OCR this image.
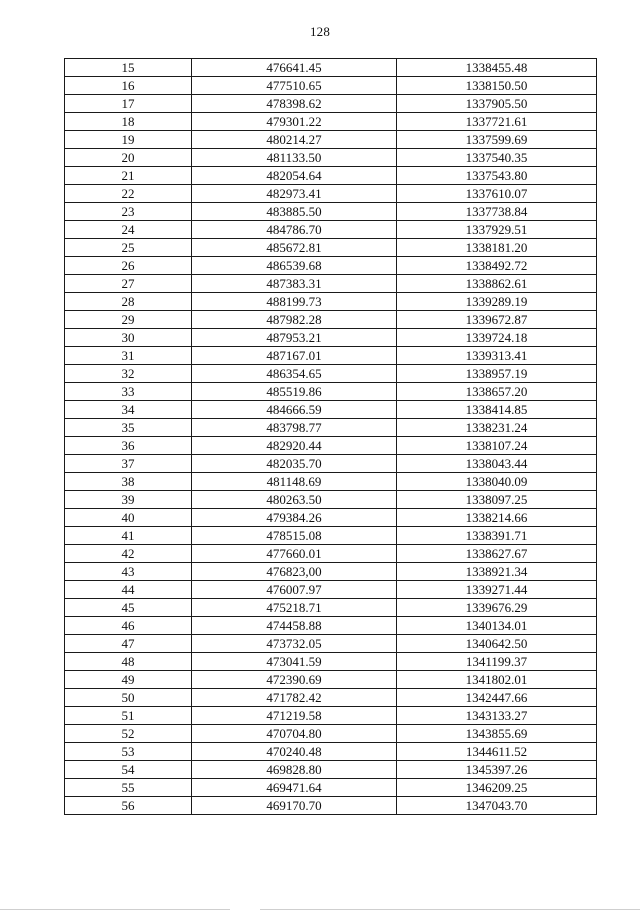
128
15	476641.45	1338455.48
16	477510.65	1338150.50
17	478398.62	1337905.50
18	479301.22	1337721.61
19	480214.27	1337599.69
20	481133.50	1337540.35
21	482054.64	1337543.80
22	482973.41	1337610.07
23	483885.50	1337738.84
24	484786.70	1337929.51
25	485672.81	1338181.20
26	486539.68	1338492.72
27	487383.31	1338862.61
28	488199.73	1339289.19
29	487982.28	1339672.87
30	487953.21	1339724.18
31	487167.01	1339313.41
32	486354.65	1338957.19
33	485519.86	1338657.20
34	484666.59	1338414.85
35	483798.77	1338231.24
36	482920.44	1338107.24
37	482035.70	1338043.44
38	481148.69	1338040.09
39	480263.50	1338097.25
40	479384.26	1338214.66
41	478515.08	1338391.71
42	477660.01	1338627.67
43	476823,00	1338921.34
44	476007.97	1339271.44
45	475218.71	1339676.29
46	474458.88	1340134.01
47	473732.05	1340642.50
48	473041.59	1341199.37
49	472390.69	1341802.01
50	471782.42	1342447.66
51	471219.58	1343133.27
52	470704.80	1343855.69
53	470240.48	1344611.52
54	469828.80	1345397.26
55	469471.64	1346209.25
56	469170.70	1347043.70
